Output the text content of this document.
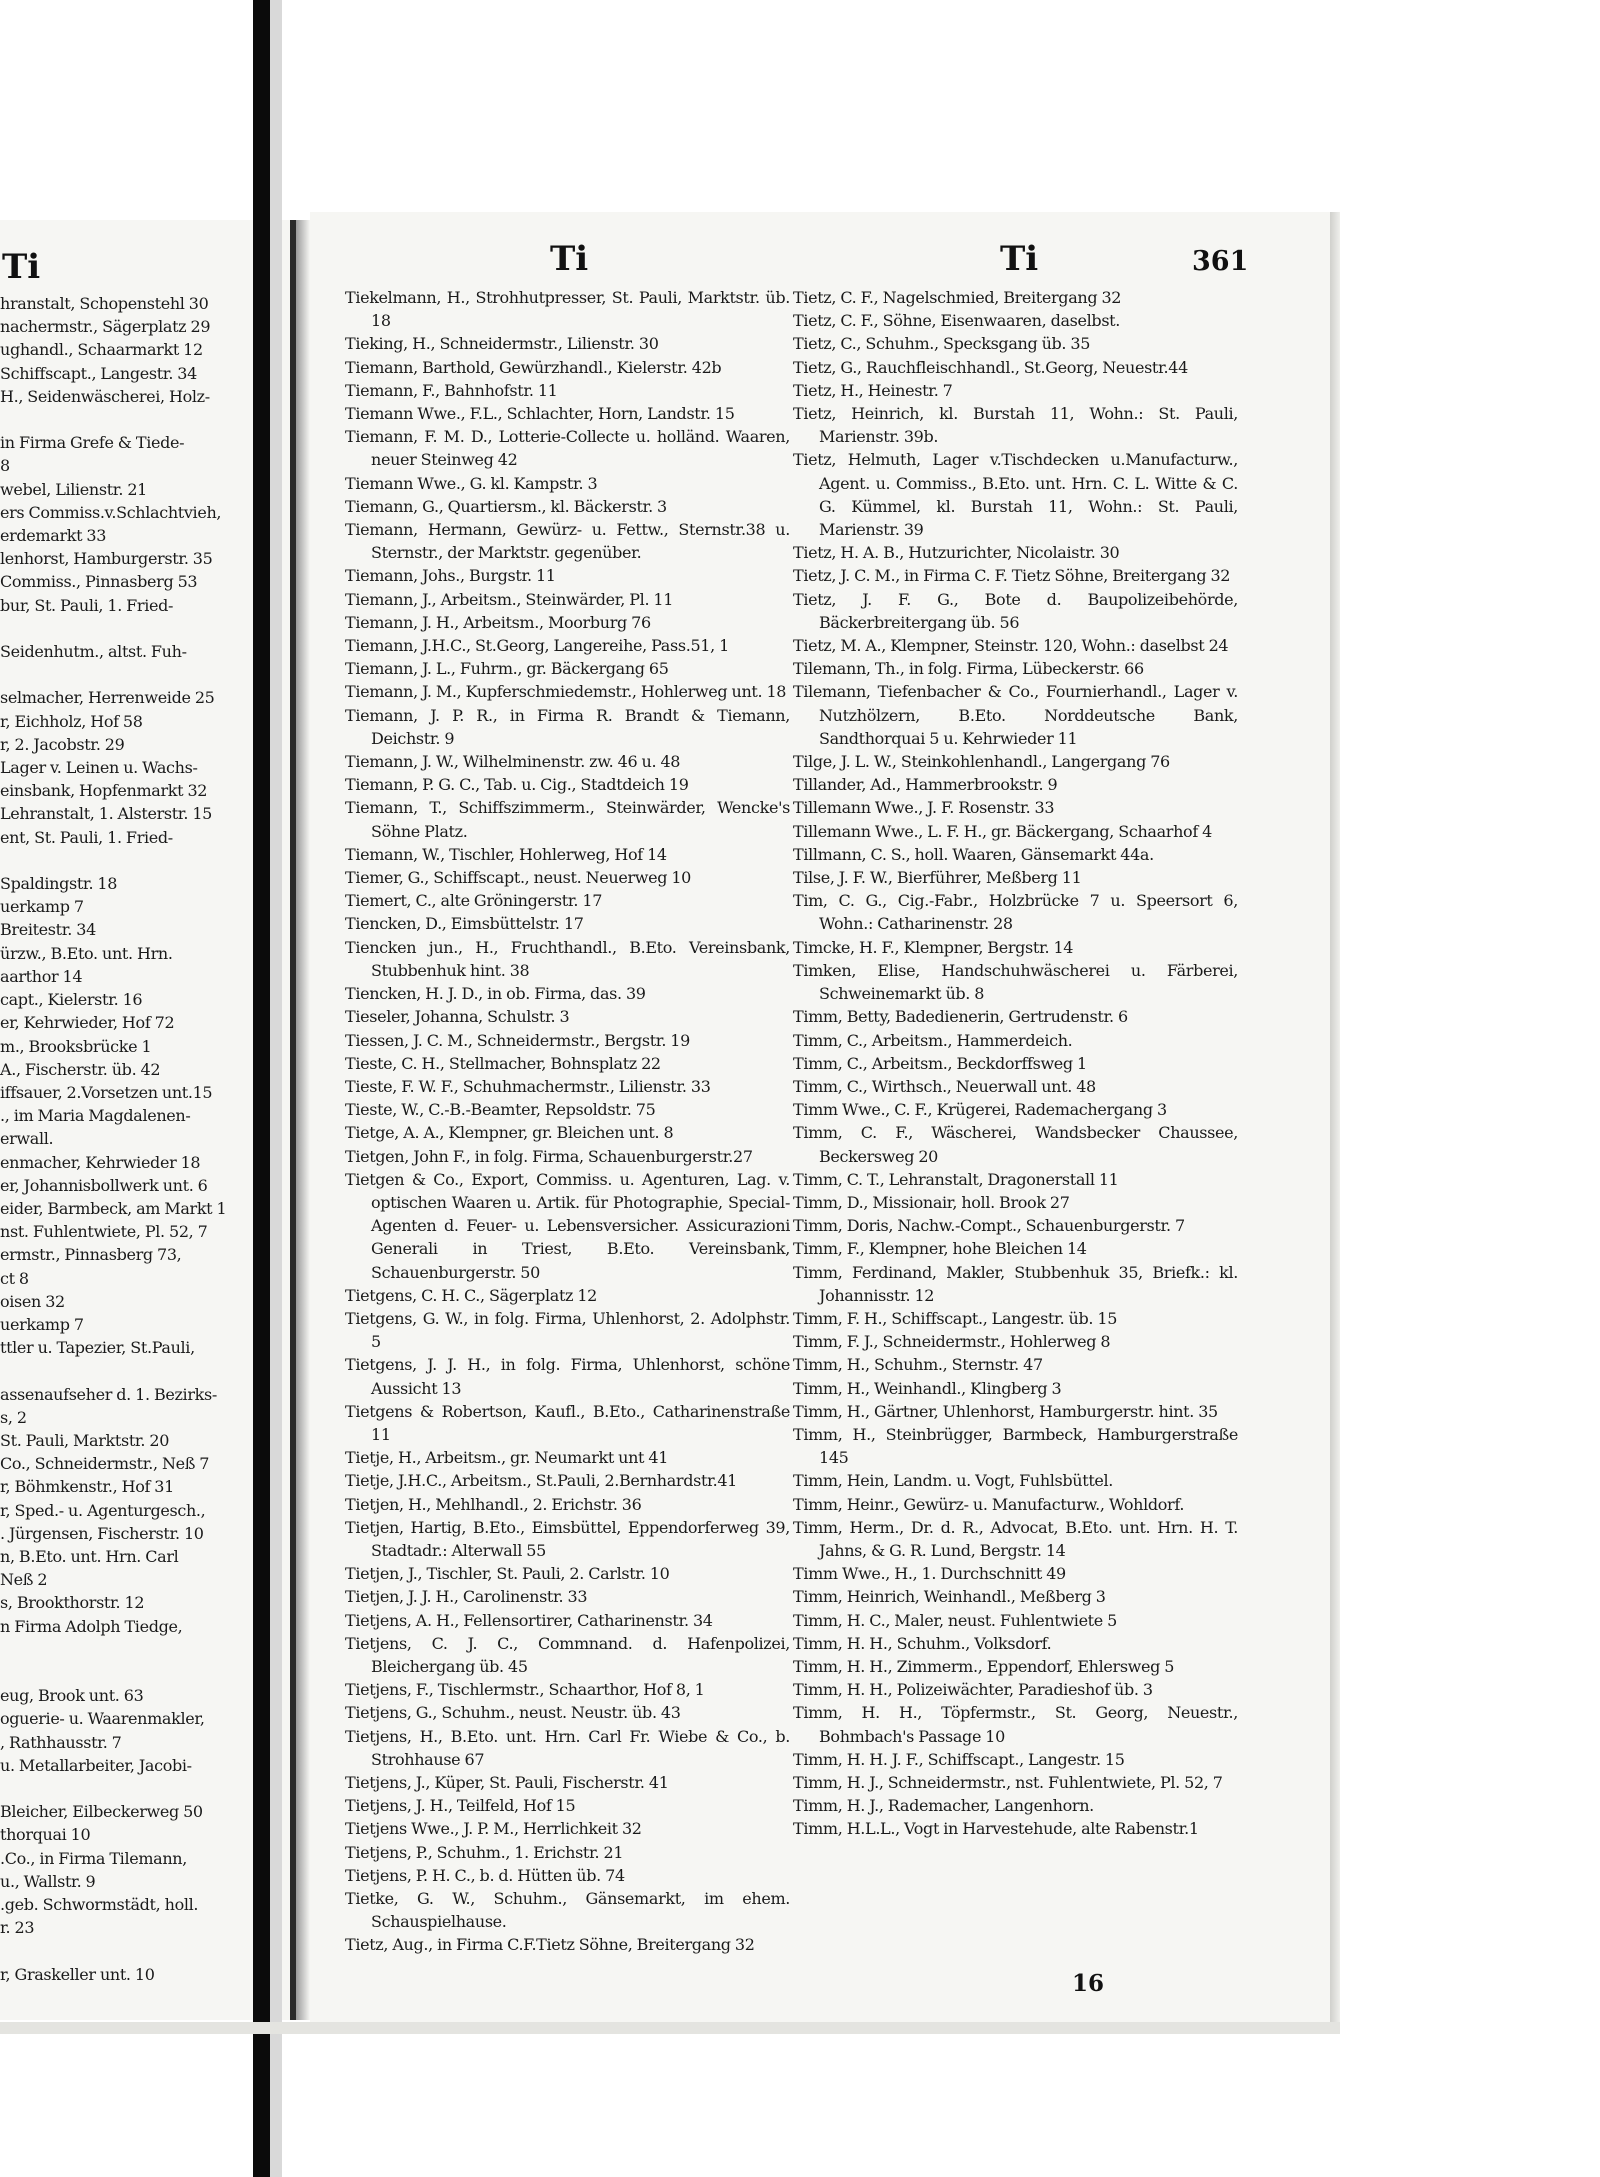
Ti	Ti	Ti	361
hranstalt, Schopenstehl 30
nachermstr., Sägerplatz 29
ughandl., Schaarmarkt 12
Schiffscapt., Langestr. 34
H., Seidenwäscherei, Holz-

in Firma Grefe & Tiede-
8
webel, Lilienstr. 21
ers Commiss.v.Schlachtvieh,
erdemarkt 33
lenhorst, Hamburgerstr. 35
Commiss., Pinnasberg 53
bur, St. Pauli, 1. Fried-

Seidenhutm., altst. Fuh-

selmacher, Herrenweide 25
r, Eichholz, Hof 58
r, 2. Jacobstr. 29
Lager v. Leinen u. Wachs-
einsbank, Hopfenmarkt 32
Lehranstalt, 1. Alsterstr. 15
ent, St. Pauli, 1. Fried-

Spaldingstr. 18
uerkamp 7
Breitestr. 34
ürzw., B.Eto. unt. Hrn.
aarthor 14
capt., Kielerstr. 16
er, Kehrwieder, Hof 72
m., Brooksbrücke 1
A., Fischerstr. üb. 42
iffsauer, 2.Vorsetzen unt.15
., im Maria Magdalenen-
erwall.
enmacher, Kehrwieder 18
er, Johannisbollwerk unt. 6
eider, Barmbeck, am Markt 1
nst. Fuhlentwiete, Pl. 52, 7
ermstr., Pinnasberg 73,
ct 8
oisen 32
uerkamp 7
ttler u. Tapezier, St.Pauli,

assenaufseher d. 1. Bezirks-
s, 2
St. Pauli, Marktstr. 20
Co., Schneidermstr., Neß 7
r, Böhmkenstr., Hof 31
r, Sped.- u. Agenturgesch.,
. Jürgensen, Fischerstr. 10
n, B.Eto. unt. Hrn. Carl
Neß 2
s, Brookthorstr. 12
n Firma Adolph Tiedge,

eug, Brook unt. 63
oguerie- u. Waarenmakler,
, Rathhausstr. 7
u. Metallarbeiter, Jacobi-

Bleicher, Eilbeckerweg 50
thorquai 10
.Co., in Firma Tilemann,
u., Wallstr. 9
.geb. Schwormstädt, holl.
r. 23

r, Graskeller unt. 10
Tiekelmann, H., Strohhutpresser, St. Pauli, Marktstr. üb. 18
Tieking, H., Schneidermstr., Lilienstr. 30
Tiemann, Barthold, Gewürzhandl., Kielerstr. 42b
Tiemann, F., Bahnhofstr. 11
Tiemann Wwe., F.L., Schlachter, Horn, Landstr. 15
Tiemann, F. M. D., Lotterie-Collecte u. holländ. Waaren, neuer Steinweg 42
Tiemann Wwe., G. kl. Kampstr. 3
Tiemann, G., Quartiersm., kl. Bäckerstr. 3
Tiemann, Hermann, Gewürz- u. Fettw., Sternstr.38 u. Sternstr., der Marktstr. gegenüber.
Tiemann, Johs., Burgstr. 11
Tiemann, J., Arbeitsm., Steinwärder, Pl. 11
Tiemann, J. H., Arbeitsm., Moorburg 76
Tiemann, J.H.C., St.Georg, Langereihe, Pass.51, 1
Tiemann, J. L., Fuhrm., gr. Bäckergang 65
Tiemann, J. M., Kupferschmiedemstr., Hohlerweg unt. 18
Tiemann, J. P. R., in Firma R. Brandt & Tiemann, Deichstr. 9
Tiemann, J. W., Wilhelminenstr. zw. 46 u. 48
Tiemann, P. G. C., Tab. u. Cig., Stadtdeich 19
Tiemann, T., Schiffszimmerm., Steinwärder, Wencke's Söhne Platz.
Tiemann, W., Tischler, Hohlerweg, Hof 14
Tiemer, G., Schiffscapt., neust. Neuerweg 10
Tiemert, C., alte Gröningerstr. 17
Tiencken, D., Eimsbüttelstr. 17
Tiencken jun., H., Fruchthandl., B.Eto. Vereinsbank, Stubbenhuk hint. 38
Tiencken, H. J. D., in ob. Firma, das. 39
Tieseler, Johanna, Schulstr. 3
Tiessen, J. C. M., Schneidermstr., Bergstr. 19
Tieste, C. H., Stellmacher, Bohnsplatz 22
Tieste, F. W. F., Schuhmachermstr., Lilienstr. 33
Tieste, W., C.-B.-Beamter, Repsoldstr. 75
Tietge, A. A., Klempner, gr. Bleichen unt. 8
Tietgen, John F., in folg. Firma, Schauenburgerstr.27
Tietgen & Co., Export, Commiss. u. Agenturen, Lag. v. optischen Waaren u. Artik. für Photographie, Special-Agenten d. Feuer- u. Lebensversicher. Assicurazioni Generali in Triest, B.Eto. Vereinsbank, Schauenburgerstr. 50
Tietgens, C. H. C., Sägerplatz 12
Tietgens, G. W., in folg. Firma, Uhlenhorst, 2. Adolphstr. 5
Tietgens, J. J. H., in folg. Firma, Uhlenhorst, schöne Aussicht 13
Tietgens & Robertson, Kaufl., B.Eto., Catharinenstraße 11
Tietje, H., Arbeitsm., gr. Neumarkt unt 41
Tietje, J.H.C., Arbeitsm., St.Pauli, 2.Bernhardstr.41
Tietjen, H., Mehlhandl., 2. Erichstr. 36
Tietjen, Hartig, B.Eto., Eimsbüttel, Eppendorferweg 39, Stadtadr.: Alterwall 55
Tietjen, J., Tischler, St. Pauli, 2. Carlstr. 10
Tietjen, J. J. H., Carolinenstr. 33
Tietjens, A. H., Fellensortirer, Catharinenstr. 34
Tietjens, C. J. C., Commnand. d. Hafenpolizei, Bleichergang üb. 45
Tietjens, F., Tischlermstr., Schaarthor, Hof 8, 1
Tietjens, G., Schuhm., neust. Neustr. üb. 43
Tietjens, H., B.Eto. unt. Hrn. Carl Fr. Wiebe & Co., b. Strohhause 67
Tietjens, J., Küper, St. Pauli, Fischerstr. 41
Tietjens, J. H., Teilfeld, Hof 15
Tietjens Wwe., J. P. M., Herrlichkeit 32
Tietjens, P., Schuhm., 1. Erichstr. 21
Tietjens, P. H. C., b. d. Hütten üb. 74
Tietke, G. W., Schuhm., Gänsemarkt, im ehem. Schauspielhause.
Tietz, Aug., in Firma C.F.Tietz Söhne, Breitergang 32
Tietz, C. F., Nagelschmied, Breitergang 32
Tietz, C. F., Söhne, Eisenwaaren, daselbst.
Tietz, C., Schuhm., Specksgang üb. 35
Tietz, G., Rauchfleischhandl., St.Georg, Neuestr.44
Tietz, H., Heinestr. 7
Tietz, Heinrich, kl. Burstah 11, Wohn.: St. Pauli, Marienstr. 39b.
Tietz, Helmuth, Lager v.Tischdecken u.Manufacturw., Agent. u. Commiss., B.Eto. unt. Hrn. C. L. Witte & C. G. Kümmel, kl. Burstah 11, Wohn.: St. Pauli, Marienstr. 39
Tietz, H. A. B., Hutzurichter, Nicolaistr. 30
Tietz, J. C. M., in Firma C. F. Tietz Söhne, Breitergang 32
Tietz, J. F. G., Bote d. Baupolizeibehörde, Bäckerbreitergang üb. 56
Tietz, M. A., Klempner, Steinstr. 120, Wohn.: daselbst 24
Tilemann, Th., in folg. Firma, Lübeckerstr. 66
Tilemann, Tiefenbacher & Co., Fournierhandl., Lager v. Nutzhölzern, B.Eto. Norddeutsche Bank, Sandthorquai 5 u. Kehrwieder 11
Tilge, J. L. W., Steinkohlenhandl., Langergang 76
Tillander, Ad., Hammerbrookstr. 9
Tillemann Wwe., J. F. Rosenstr. 33
Tillemann Wwe., L. F. H., gr. Bäckergang, Schaarhof 4
Tillmann, C. S., holl. Waaren, Gänsemarkt 44a.
Tilse, J. F. W., Bierführer, Meßberg 11
Tim, C. G., Cig.-Fabr., Holzbrücke 7 u. Speersort 6, Wohn.: Catharinenstr. 28
Timcke, H. F., Klempner, Bergstr. 14
Timken, Elise, Handschuhwäscherei u. Färberei, Schweinemarkt üb. 8
Timm, Betty, Badedienerin, Gertrudenstr. 6
Timm, C., Arbeitsm., Hammerdeich.
Timm, C., Arbeitsm., Beckdorffsweg 1
Timm, C., Wirthsch., Neuerwall unt. 48
Timm Wwe., C. F., Krügerei, Rademachergang 3
Timm, C. F., Wäscherei, Wandsbecker Chaussee, Beckersweg 20
Timm, C. T., Lehranstalt, Dragonerstall 11
Timm, D., Missionair, holl. Brook 27
Timm, Doris, Nachw.-Compt., Schauenburgerstr. 7
Timm, F., Klempner, hohe Bleichen 14
Timm, Ferdinand, Makler, Stubbenhuk 35, Briefk.: kl. Johannisstr. 12
Timm, F. H., Schiffscapt., Langestr. üb. 15
Timm, F. J., Schneidermstr., Hohlerweg 8
Timm, H., Schuhm., Sternstr. 47
Timm, H., Weinhandl., Klingberg 3
Timm, H., Gärtner, Uhlenhorst, Hamburgerstr. hint. 35
Timm, H., Steinbrügger, Barmbeck, Hamburgerstraße 145
Timm, Hein, Landm. u. Vogt, Fuhlsbüttel.
Timm, Heinr., Gewürz- u. Manufacturw., Wohldorf.
Timm, Herm., Dr. d. R., Advocat, B.Eto. unt. Hrn. H. T. Jahns, & G. R. Lund, Bergstr. 14
Timm Wwe., H., 1. Durchschnitt 49
Timm, Heinrich, Weinhandl., Meßberg 3
Timm, H. C., Maler, neust. Fuhlentwiete 5
Timm, H. H., Schuhm., Volksdorf.
Timm, H. H., Zimmerm., Eppendorf, Ehlersweg 5
Timm, H. H., Polizeiwächter, Paradieshof üb. 3
Timm, H. H., Töpfermstr., St. Georg, Neuestr., Bohmbach's Passage 10
Timm, H. H. J. F., Schiffscapt., Langestr. 15
Timm, H. J., Schneidermstr., nst. Fuhlentwiete, Pl. 52, 7
Timm, H. J., Rademacher, Langenhorn.
Timm, H.L.L., Vogt in Harvestehude, alte Rabenstr.1
16
